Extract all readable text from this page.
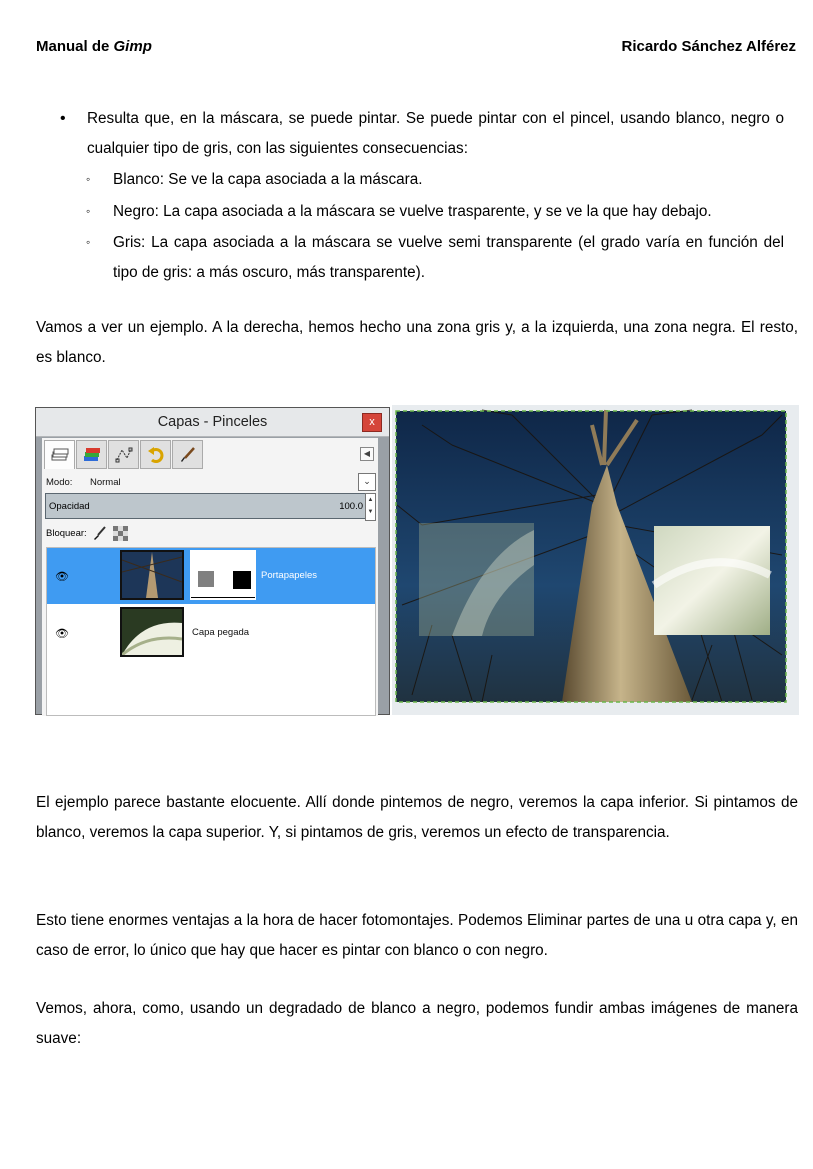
Manual de Gimp	Ricardo Sánchez Alférez
• Resulta que, en la máscara, se puede pintar. Se puede pintar con el pincel, usando blanco, negro o cualquier tipo de gris, con las siguientes consecuencias:
◦ Blanco: Se ve la capa asociada a la máscara.
◦ Negro: La capa asociada a la máscara se vuelve trasparente, y se ve la que hay debajo.
◦ Gris: La capa asociada a la máscara se vuelve semi transparente (el grado varía en función del tipo de gris: a más oscuro, más transparente).
Vamos a ver un ejemplo. A la derecha, hemos hecho una zona gris y, a la izquierda, una zona negra. El resto, es blanco.
Capas - Pinceles	x
◀
Modo: Normal	⌄
Opacidad	100.0
▲
▼
Bloquear:
👁	Portapapeles
👁	Capa pegada
El ejemplo parece bastante elocuente. Allí donde pintemos de negro, veremos la capa inferior. Si pintamos de blanco, veremos la capa superior. Y, si pintamos de gris, veremos un efecto de transparencia.
Esto tiene enormes ventajas a la hora de hacer fotomontajes. Podemos Eliminar partes de una u otra capa y, en caso de error, lo único que hay que hacer es pintar con blanco o con negro.
Vemos, ahora, como, usando un degradado de blanco a negro, podemos fundir ambas imágenes de manera suave:
